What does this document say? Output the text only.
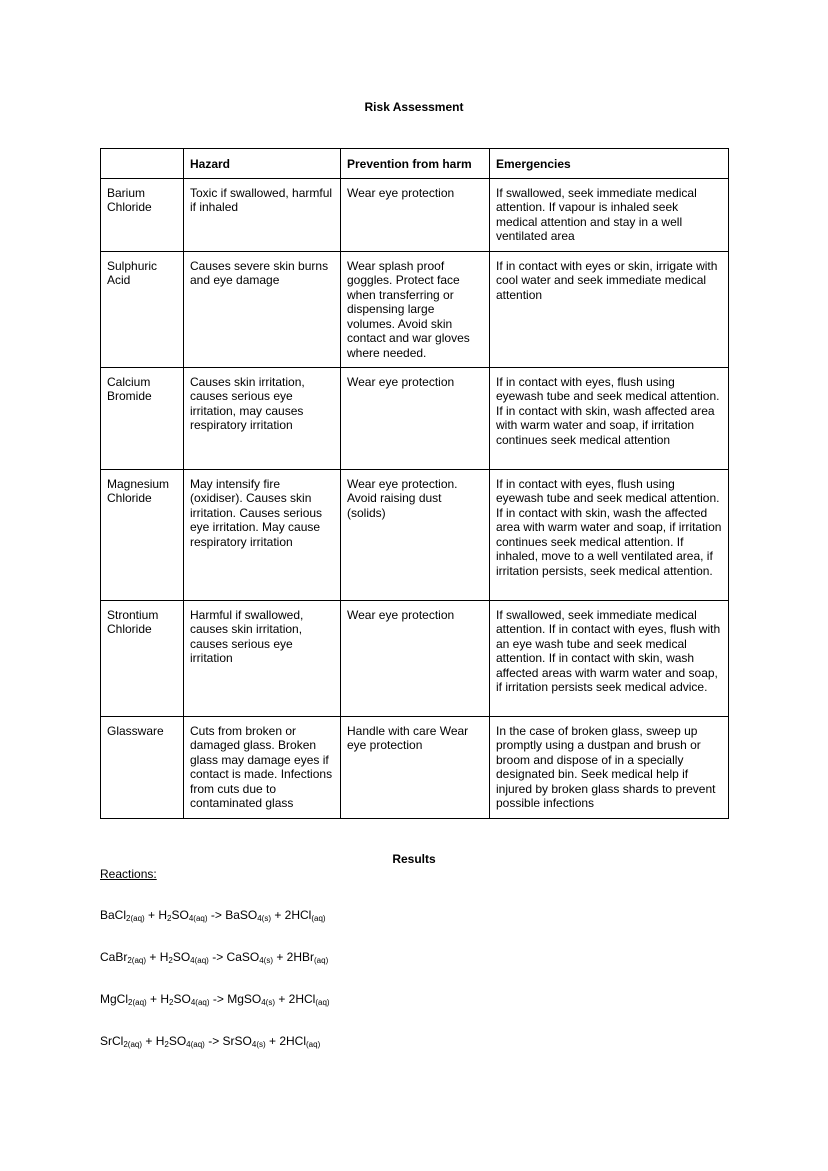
Risk Assessment
	Hazard	Prevention from harm	Emergencies
Barium Chloride	Toxic if swallowed, harmful if inhaled	Wear eye protection	If swallowed, seek immediate medical attention. If vapour is inhaled seek medical attention and stay in a well ventilated area
Sulphuric Acid	Causes severe skin burns and eye damage	Wear splash proof goggles. Protect face when transferring or dispensing large volumes. Avoid skin contact and war gloves where needed.	If in contact with eyes or skin, irrigate with cool water and seek immediate medical attention
Calcium Bromide	Causes skin irritation, causes serious eye irritation, may causes respiratory irritation	Wear eye protection	If in contact with eyes, flush using eyewash tube and seek medical attention. If in contact with skin, wash affected area with warm water and soap, if irritation continues seek medical attention
Magnesium Chloride	May intensify fire (oxidiser). Causes skin irritation. Causes serious eye irritation. May cause respiratory irritation	Wear eye protection. Avoid raising dust (solids)	If in contact with eyes, flush using eyewash tube and seek medical attention. If in contact with skin, wash the affected area with warm water and soap, if irritation continues seek medical attention. If inhaled, move to a well ventilated area, if irritation persists, seek medical attention.
Strontium Chloride	Harmful if swallowed, causes skin irritation, causes serious eye irritation	Wear eye protection	If swallowed, seek immediate medical attention. If in contact with eyes, flush with an eye wash tube and seek medical attention. If in contact with skin, wash affected areas with warm water and soap, if irritation persists seek medical advice.
Glassware	Cuts from broken or damaged glass. Broken glass may damage eyes if contact is made. Infections from cuts due to contaminated glass	Handle with care Wear eye protection	In the case of broken glass, sweep up promptly using a dustpan and brush or broom and dispose of in a specially designated bin. Seek medical help if injured by broken glass shards to prevent possible infections
Results
Reactions:
BaCl$_{2(aq)}$ + $H_2SO_{4(aq)}$ -> BaSO$_{4(s)}$ + 2HCl$_{(aq)}$
CaBr$_{2(aq)}$ + $H_2SO_{4(aq)}$ -> CaSO$_{4(s)}$ + 2HBr$_{(aq)}$
MgCl$_{2(aq)}$ + $H_2SO_{4(aq)}$ -> MgSO$_{4(s)}$ + 2HCl$_{(aq)}$
SrCl$_{2(aq)}$ + $H_2SO_{4(aq)}$ -> SrSO$_{4(s)}$ + 2HCl$_{(aq)}$
